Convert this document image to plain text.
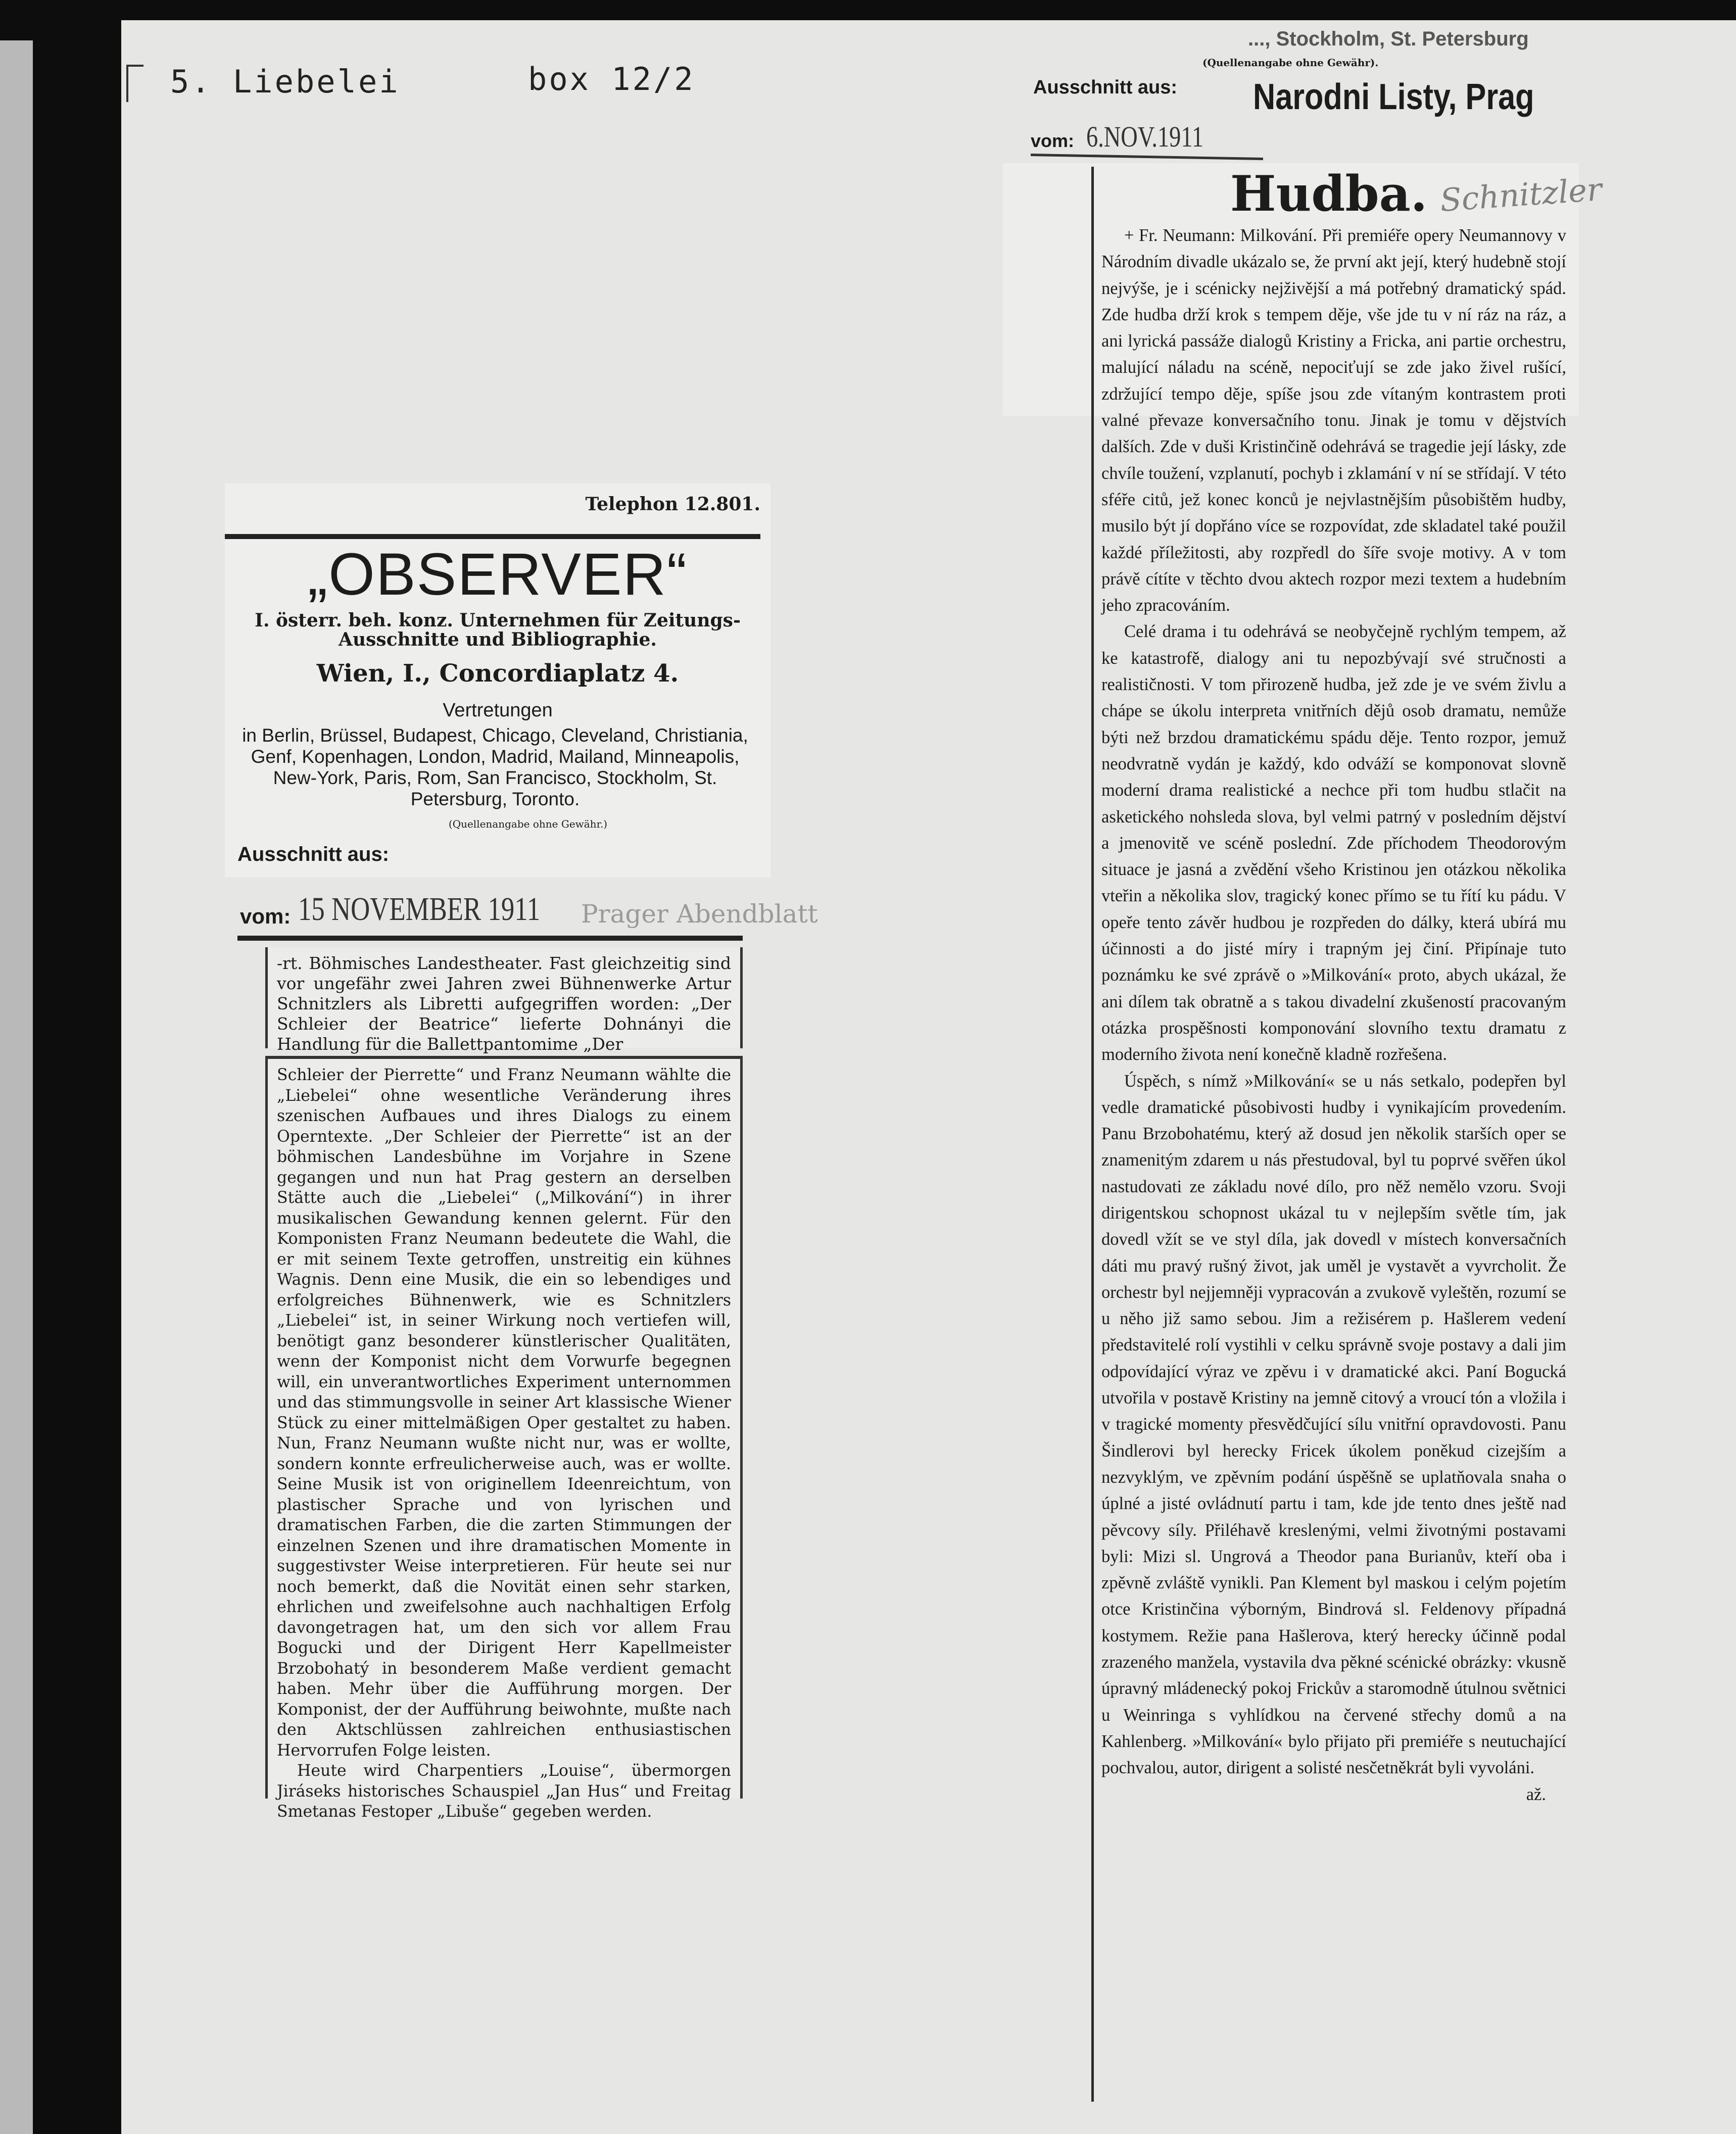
5. Liebelei	box 12/2
Telephon 12.801.
„OBSERVER“
I. österr. beh. konz. Unternehmen für Zeitungs-
Ausschnitte und Bibliographie.
Wien, I., Concordiaplatz 4.
Vertretungen
in Berlin, Brüssel, Budapest, Chicago, Cleveland, Christiania, Genf, Kopenhagen, London, Madrid, Mailand, Minneapolis, New-York, Paris, Rom, San Francisco, Stockholm, St. Petersburg, Toronto.
(Quellenangabe ohne Gewähr.)
Ausschnitt aus:
vom: 15 NOVEMBER 1911 Prager Abendblatt
-rt. Böhmisches Landestheater. Fast gleichzeitig sind vor ungefähr zwei Jahren zwei Bühnenwerke Artur Schnitzlers als Libretti aufgegriffen worden: „Der Schleier der Beatrice“ lieferte Dohnányi die Handlung für die Ballettpantomime „Der

Schleier der Pierrette“ und Franz Neumann wählte die „Liebelei“ ohne wesentliche Veränderung ihres szenischen Aufbaues und ihres Dialogs zu einem Operntexte. „Der Schleier der Pierrette“ ist an der böhmischen Landesbühne im Vorjahre in Szene gegangen und nun hat Prag gestern an derselben Stätte auch die „Liebelei“ („Milkování“) in ihrer musikalischen Gewandung kennen gelernt. Für den Komponisten Franz Neumann bedeutete die Wahl, die er mit seinem Texte getroffen, unstreitig ein kühnes Wagnis. Denn eine Musik, die ein so lebendiges und erfolgreiches Bühnenwerk, wie es Schnitzlers „Liebelei“ ist, in seiner Wirkung noch vertiefen will, benötigt ganz besonderer künstlerischer Qualitäten, wenn der Komponist nicht dem Vorwurfe begegnen will, ein unverantwortliches Experiment unternommen und das stimmungsvolle in seiner Art klassische Wiener Stück zu einer mittelmäßigen Oper gestaltet zu haben. Nun, Franz Neumann wußte nicht nur, was er wollte, sondern konnte erfreulicherweise auch, was er wollte. Seine Musik ist von originellem Ideenreichtum, von plastischer Sprache und von lyrischen und dramatischen Farben, die die zarten Stimmungen der einzelnen Szenen und ihre dramatischen Momente in suggestivster Weise interpretieren. Für heute sei nur noch bemerkt, daß die Novität einen sehr starken, ehrlichen und zweifelsohne auch nachhaltigen Erfolg davongetragen hat, um den sich vor allem Frau Bogucki und der Dirigent Herr Kapellmeister Brzobohatý in besonderem Maße verdient gemacht haben. Mehr über die Aufführung morgen. Der Komponist, der der Aufführung beiwohnte, mußte nach den Aktschlüssen zahlreichen enthusiastischen Hervorrufen Folge leisten.

Heute wird Charpentiers „Louise“, übermorgen Jiráseks historisches Schauspiel „Jan Hus“ und Freitag Smetanas Festoper „Libuše“ gegeben werden.

..., Stockholm, St. Petersburg
(Quellenangabe ohne Gewähr).
Ausschnitt aus: Narodni Listy, Prag
vom: 6.NOV.1911
Hudba. Schnitzler

+ Fr. Neumann: Milkování. Při premiéře opery Neumannovy v Národním divadle ukázalo se, že první akt její, který hudebně stojí nejvýše, je i scénicky nejživější a má potřebný dramatický spád. Zde hudba drží krok s tempem děje, vše jde tu v ní ráz na ráz, a ani lyrická passáže dialogů Kristiny a Fricka, ani partie orchestru, malující náladu na scéně, nepociťují se zde jako živel rušící, zdržující tempo děje, spíše jsou zde vítaným kontrastem proti valné převaze konversačního tonu. Jinak je tomu v dějstvích dalších. Zde v duši Kristinčině odehrává se tragedie její lásky, zde chvíle toužení, vzplanutí, pochyb i zklamání v ní se střídají. V této sféře citů, jež konec konců je nejvlastnějším působištěm hudby, musilo být jí dopřáno více se rozpovídat, zde skladatel také použil každé příležitosti, aby rozpředl do šíře svoje motivy. A v tom právě cítíte v těchto dvou aktech rozpor mezi textem a hudebním jeho zpracováním.

Celé drama i tu odehrává se neobyčejně rychlým tempem, až ke katastrofě, dialogy ani tu nepozbývají své stručnosti a realističnosti. V tom přirozeně hudba, jež zde je ve svém živlu a chápe se úkolu interpreta vnitřních dějů osob dramatu, nemůže býti než brzdou dramatickému spádu děje. Tento rozpor, jemuž neodvratně vydán je každý, kdo odváží se komponovat slovně moderní drama realistické a nechce při tom hudbu stlačit na asketického nohsleda slova, byl velmi patrný v posledním dějství a jmenovitě ve scéně poslední. Zde příchodem Theodorovým situace je jasná a zvědění všeho Kristinou jen otázkou několika vteřin a několika slov, tragický konec přímo se tu řítí ku pádu. V opeře tento závěr hudbou je rozpředen do dálky, která ubírá mu účinnosti a do jisté míry i trapným jej činí. Připínaje tuto poznámku ke své zprávě o »Milkování« proto, abych ukázal, že ani dílem tak obratně a s takou divadelní zkušeností pracovaným otázka prospěšnosti komponování slovního textu dramatu z moderního života není konečně kladně rozřešena.

Úspěch, s nímž »Milkování« se u nás setkalo, podepřen byl vedle dramatické působivosti hudby i vynikajícím provedením. Panu Brzobohatému, který až dosud jen několik starších oper se znamenitým zdarem u nás přestudoval, byl tu poprvé svěřen úkol nastudovati ze základu nové dílo, pro něž nemělo vzoru. Svoji dirigentskou schopnost ukázal tu v nejlepším světle tím, jak dovedl vžít se ve styl díla, jak dovedl v místech konversačních dáti mu pravý rušný život, jak uměl je vystavět a vyvrcholit. Že orchestr byl nejjemněji vypracován a zvukově vyleštěn, rozumí se u něho již samo sebou. Jim a režisérem p. Hašlerem vedení představitelé rolí vystihli v celku správně svoje postavy a dali jim odpovídající výraz ve zpěvu i v dramatické akci. Paní Bogucká utvořila v postavě Kristiny na jemně citový a vroucí tón a vložila i v tragické momenty přesvědčující sílu vnitřní opravdovosti. Panu Šindlerovi byl herecky Fricek úkolem poněkud cizejším a nezvyklým, ve zpěvním podání úspěšně se uplatňovala snaha o úplné a jisté ovládnutí partu i tam, kde jde tento dnes ještě nad pěvcovy síly. Přiléhavě kreslenými, velmi životnými postavami byli: Mizi sl. Ungrová a Theodor pana Burianův, kteří oba i zpěvně zvláště vynikli. Pan Klement byl maskou i celým pojetím otce Kristinčina výborným, Bindrová sl. Feldenovy případná kostymem. Režie pana Hašlerova, který herecky účinně podal zrazeného manžela, vystavila dva pěkné scénické obrázky: vkusně úpravný mládenecký pokoj Frickův a staromodně útulnou světnici u Weinringa s vyhlídkou na červené střechy domů a na Kahlenberg. »Milkování« bylo přijato při premiéře s neutuchající pochvalou, autor, dirigent a solisté nesčetněkrát byli vyvoláni.

až.
